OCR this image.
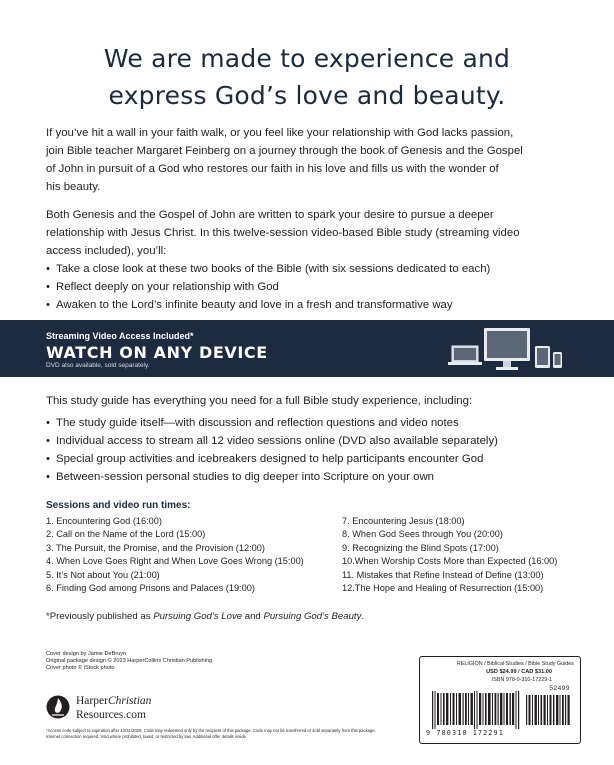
We are made to experience and
express God’s love and beauty.
If you’ve hit a wall in your faith walk, or you feel like your relationship with God lacks passion,
join Bible teacher Margaret Feinberg on a journey through the book of Genesis and the Gospel
of John in pursuit of a God who restores our faith in his love and fills us with the wonder of
his beauty.
Both Genesis and the Gospel of John are written to spark your desire to pursue a deeper
relationship with Jesus Christ. In this twelve-session video-based Bible study (streaming video
access included), you’ll:
• Take a close look at these two books of the Bible (with six sessions dedicated to each)
• Reflect deeply on your relationship with God
• Awaken to the Lord’s infinite beauty and love in a fresh and transformative way
Streaming Video Access Included*
WATCH ON ANY DEVICE
DVD also available, sold separately.
This study guide has everything you need for a full Bible study experience, including:
• The study guide itself—with discussion and reflection questions and video notes
• Individual access to stream all 12 video sessions online (DVD also available separately)
• Special group activities and icebreakers designed to help participants encounter God
• Between-session personal studies to dig deeper into Scripture on your own
Sessions and video run times:
1. Encountering God (16:00)
2. Call on the Name of the Lord (15:00)
3. The Pursuit, the Promise, and the Provision (12:00)
4. When Love Goes Right and When Love Goes Wrong (15:00)
5. It’s Not about You (21:00)
6. Finding God among Prisons and Palaces (19:00)
7. Encountering Jesus (18:00)
8. When God Sees through You (20:00)
9. Recognizing the Blind Spots (17:00)
10.When Worship Costs More than Expected (16:00)
11. Mistakes that Refine Instead of Define (13:00)
12.The Hope and Healing of Resurrection (15:00)
*Previously published as Pursuing God’s Love and Pursuing God’s Beauty.
Cover design by Jamie DeBruyn
Original package design © 2023 HarperCollins Christian Publishing
Cover photo © iStock photo
HarperChristian
Resources.com
*Access code subject to expiration after 12/31/2028. Code may redeemed only by the recipient of this package. Code may not be transferred or sold separately from this package.
Internet connection required. Void where prohibited, taxed, or restricted by law. Additional offer details inside.
RELIGION / Biblical Studies / Bible Study Guides
USD $24.99 / CAD $31.00
ISBN 978-0-310-17229-1
52499
9 780310 172291
